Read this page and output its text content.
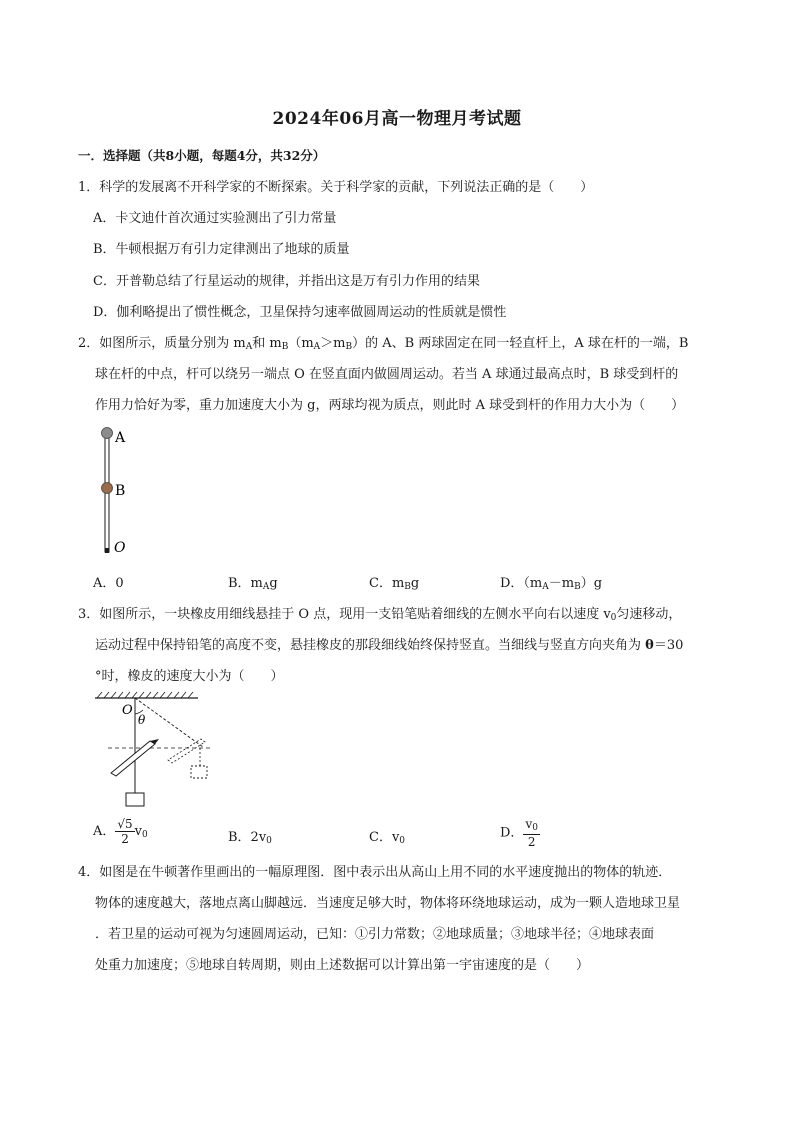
2024年06月高一物理月考试题
一．选择题（共8小题，每题4分，共32分）
1．科学的发展离不开科学家的不断探索。关于科学家的贡献，下列说法正确的是（　　）
A．卡文迪什首次通过实验测出了引力常量
B．牛顿根据万有引力定律测出了地球的质量
C．开普勒总结了行星运动的规律，并指出这是万有引力作用的结果
D．伽利略提出了惯性概念，卫星保持匀速率做圆周运动的性质就是惯性
2．如图所示，质量分别为 $m_A$和 $m_B(m_A>m_B)$的 A、B 两球固定在同一轻直杆上，A 球在杆的一端，B
球在杆的中点，杆可以绕另一端点 O 在竖直面内做圆周运动。若当 A 球通过最高点时，B 球受到杆的
作用力恰好为零，重力加速度大小为 g，两球均视为质点，则此时 A 球受到杆的作用力大小为（　　）
A
B
O
A．0	B．$m_Ag$	C．$m_Bg$	D．$(m_A-m_B)g$
3．如图所示，一块橡皮用细线悬挂于 O 点，现用一支铅笔贴着细线的左侧水平向右以速度 $v_0$匀速移动，
运动过程中保持铅笔的高度不变，悬挂橡皮的那段细线始终保持竖直。当细线与竖直方向夹角为 θ＝30
°时，橡皮的速度大小为（　　）
O
θ
A． $\frac{√5}{2} v_0$	B．$2v_0$	C．$v_0$
D． $\frac{v_0}{2}$
4．如图是在牛顿著作里画出的一幅原理图．图中表示出从高山上用不同的水平速度抛出的物体的轨迹．
物体的速度越大，落地点离山脚越远．当速度足够大时，物体将环绕地球运动，成为一颗人造地球卫星
．若卫星的运动可视为匀速圆周运动，已知：①引力常数；②地球质量；③地球半径；④地球表面
处重力加速度；⑤地球自转周期，则由上述数据可以计算出第一宇宙速度的是（　　）
